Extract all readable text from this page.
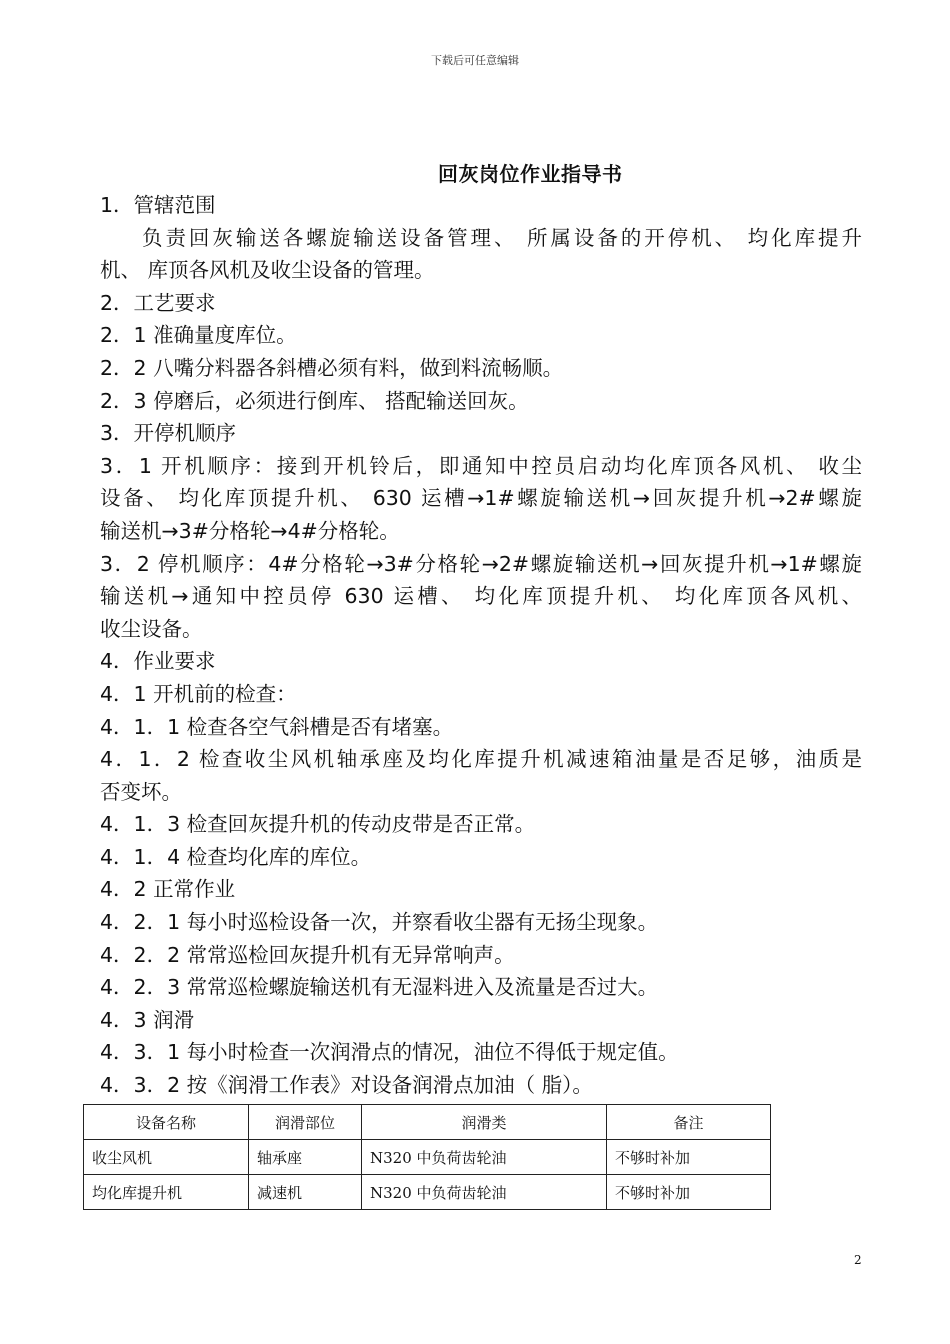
下载后可任意编辑
回灰岗位作业指导书
1．管辖范围
负责回灰输送各螺旋输送设备管理、 所属设备的开停机、 均化库提升
机、 库顶各风机及收尘设备的管理。
2．工艺要求
2．1 准确量度库位。
2．2 八嘴分料器各斜槽必须有料，做到料流畅顺。
2．3 停磨后，必须进行倒库、 搭配输送回灰。
3．开停机顺序
3．1 开机顺序：接到开机铃后，即通知中控员启动均化库顶各风机、 收尘
设备、 均化库顶提升机、 630 运槽→1#螺旋输送机→回灰提升机→2#螺旋
输送机→3#分格轮→4#分格轮。
3．2 停机顺序：4#分格轮→3#分格轮→2#螺旋输送机→回灰提升机→1#螺旋
输送机→通知中控员停 630 运槽、 均化库顶提升机、 均化库顶各风机、
收尘设备。
4．作业要求
4．1 开机前的检查：
4．1．1 检查各空气斜槽是否有堵塞。
4．1．2 检查收尘风机轴承座及均化库提升机减速箱油量是否足够，油质是
否变坏。
4．1．3 检查回灰提升机的传动皮带是否正常。
4．1．4 检查均化库的库位。
4．2 正常作业
4．2．1 每小时巡检设备一次，并察看收尘器有无扬尘现象。
4．2．2 常常巡检回灰提升机有无异常响声。
4．2．3 常常巡检螺旋输送机有无湿料进入及流量是否过大。
4．3 润滑
4．3．1 每小时检查一次润滑点的情况，油位不得低于规定值。
4．3．2 按《润滑工作表》对设备润滑点加油（ 脂）。
设备名称	润滑部位	润滑类	备注
收尘风机	轴承座	N320 中负荷齿轮油	不够时补加
均化库提升机	减速机	N320 中负荷齿轮油	不够时补加
2
